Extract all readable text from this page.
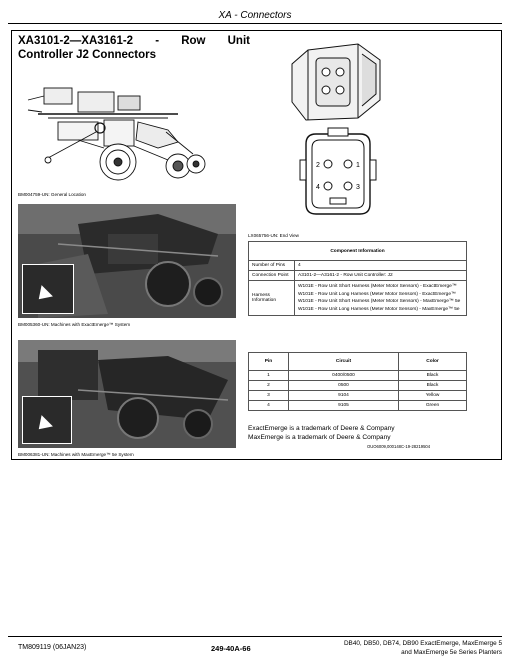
XA - Connectors
XA3101-2—XA3161-2 - Row Unit
Controller J2 Connectors
BM004759-UN: General Location
BM005360-UN: Machines with ExactEmerge™ System
BM006381-UN: Machines with MaxEmerge™ 5e System
2	1
4	3
LX065756-UN: End View
Component Information	
Number of Pins	4
Connection Point	A3101-2—A3161-2 - Row Unit Controller: J2
Harness Information	W101E - Row Unit Short Harness (Meter Motor Sensors) - ExactEmerge™
W101E - Row Unit Long Harness (Meter Motor Sensors) - ExactEmerge™
W101E - Row Unit Short Harness (Meter Motor Sensors) - MaxEmerge™ 5e
W101E - Row Unit Long Harness (Meter Motor Sensors) - MaxEmerge™ 5e
Pin	Circuit	Color
1	0400/0500	Black
2	0500	Black
3	9104	Yellow
4	9105	Green
ExactEmerge is a trademark of Deere & Company
MaxEmerge is a trademark of Deere & Company
OUO6009,000148C-19-28219504
TM809119 (06JAN23)	249-40A-66
DB40, DB50, DB74, DB90 ExactEmerge, MaxEmerge 5
and MaxEmerge 5e Series Planters
